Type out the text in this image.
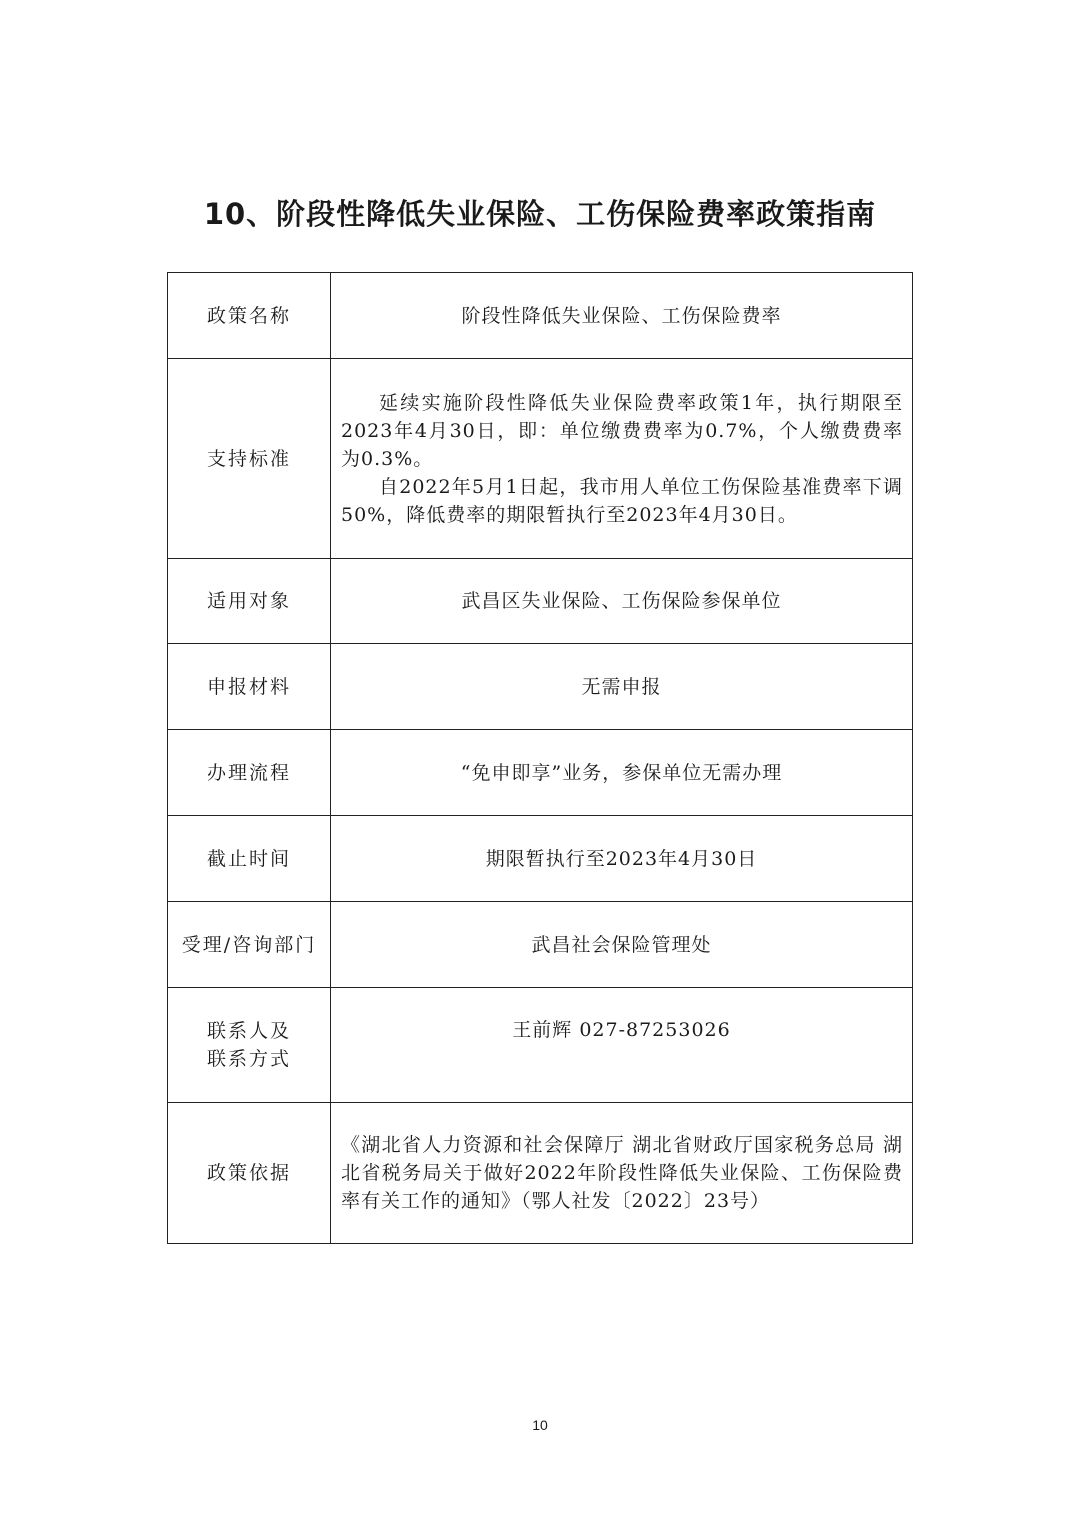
10、阶段性降低失业保险、工伤保险费率政策指南
政策名称	阶段性降低失业保险、工伤保险费率
支持标准	延续实施阶段性降低失业保险费率政策1年，执行期限至2023年4月30日，即：单位缴费费率为0.7%，个人缴费费率为0.3%。

自2022年5月1日起，我市用人单位工伤保险基准费率下调50%，降低费率的期限暂执行至2023年4月30日。

适用对象	武昌区失业保险、工伤保险参保单位
申报材料	无需申报
办理流程	“免申即享”业务，参保单位无需办理
截止时间	期限暂执行至2023年4月30日
受理/咨询部门	武昌社会保险管理处
联系人及联系方式	王前辉 027-87253026
政策依据	《湖北省人力资源和社会保障厅 湖北省财政厅国家税务总局 湖北省税务局关于做好2022年阶段性降低失业保险、工伤保险费率有关工作的通知》（鄂人社发〔2022〕23号）

10
